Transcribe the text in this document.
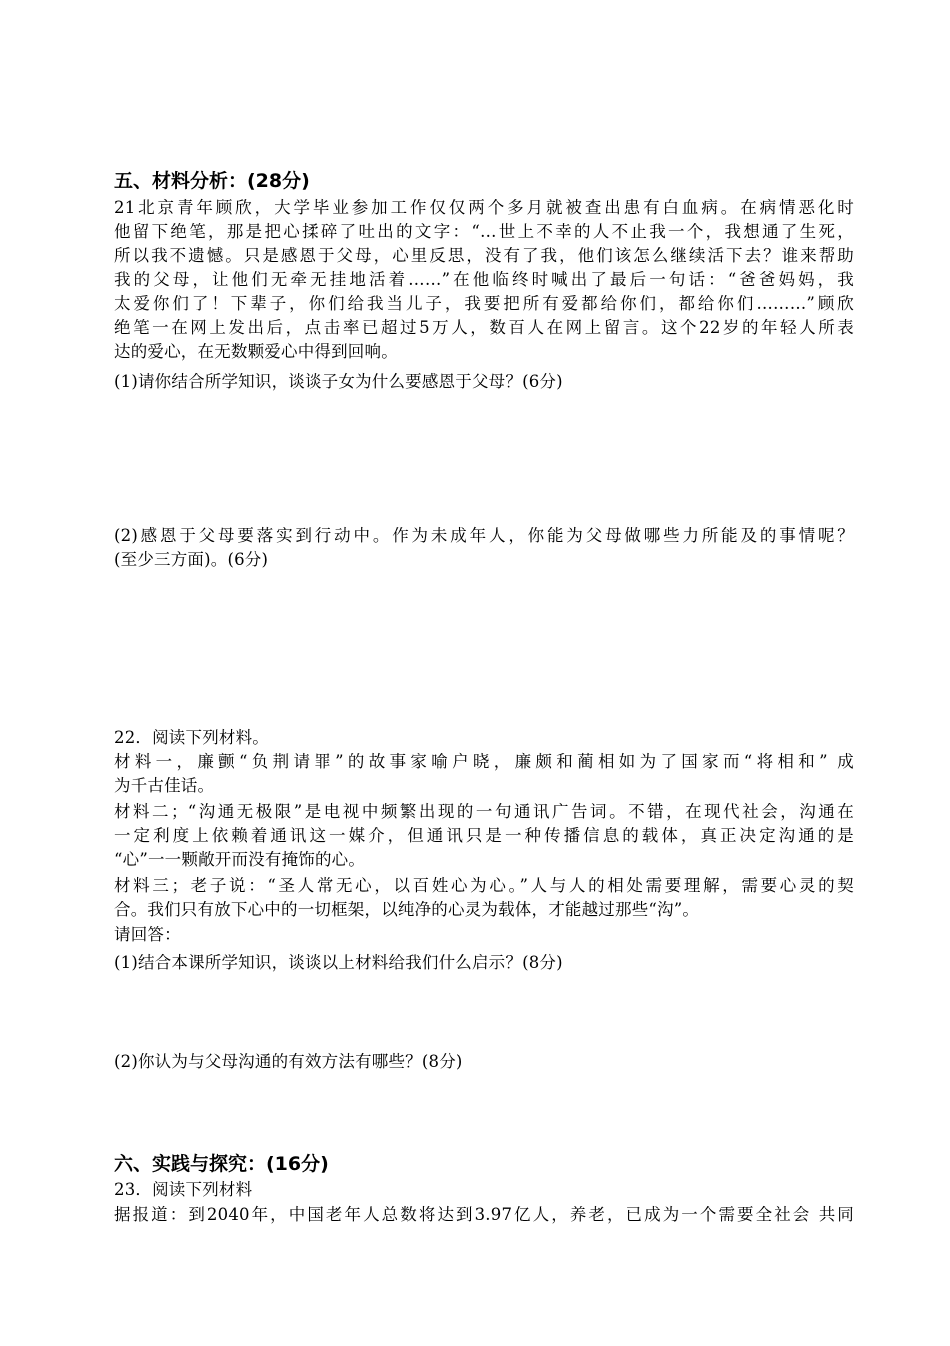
五、材料分析：(28分)
21北京青年顾欣，大学毕业参加工作仅仅两个多月就被查出患有白血病。在病情恶化时
他留下绝笔，那是把心揉碎了吐出的文字：“…世上不幸的人不止我一个，我想通了生死，
所以我不遗憾。只是感恩于父母，心里反思，没有了我，他们该怎么继续活下去？谁来帮助
我的父母，让他们无牵无挂地活着……”在他临终时喊出了最后一句话：“爸爸妈妈，我
太爱你们了！下辈子，你们给我当儿子，我要把所有爱都给你们，都给你们………”顾欣
绝笔一在网上发出后，点击率已超过5万人，数百人在网上留言。这个22岁的年轻人所表
达的爱心，在无数颗爱心中得到回响。
(1)请你结合所学知识，谈谈子女为什么要感恩于父母？(6分)
(2)感恩于父母要落实到行动中。作为未成年人，你能为父母做哪些力所能及的事情呢？
(至少三方面)。(6分)
22．阅读下列材料。
材料一，廉颤“负荆请罪”的故事家喻户晓，廉颇和蔺相如为了国家而“将相和” 成
为千古佳话。
材料二；“沟通无极限”是电视中频繁出现的一句通讯广告词。不错，在现代社会，沟通在
一定利度上依赖着通讯这一媒介，但通讯只是一种传播信息的载体，真正决定沟通的是
“心”一一颗敞开而没有掩饰的心。
材料三；老子说：“圣人常无心，以百姓心为心。”人与人的相处需要理解，需要心灵的契
合。我们只有放下心中的一切框架，以纯净的心灵为载体，才能越过那些“沟”。
请回答：
(1)结合本课所学知识，谈谈以上材料给我们什么启示？(8分)
(2)你认为与父母沟通的有效方法有哪些？(8分)
六、实践与探究：(16分)
23．阅读下列材料
据报道：到2040年，中国老年人总数将达到3.97亿人，养老，已成为一个需要全社会 共同
